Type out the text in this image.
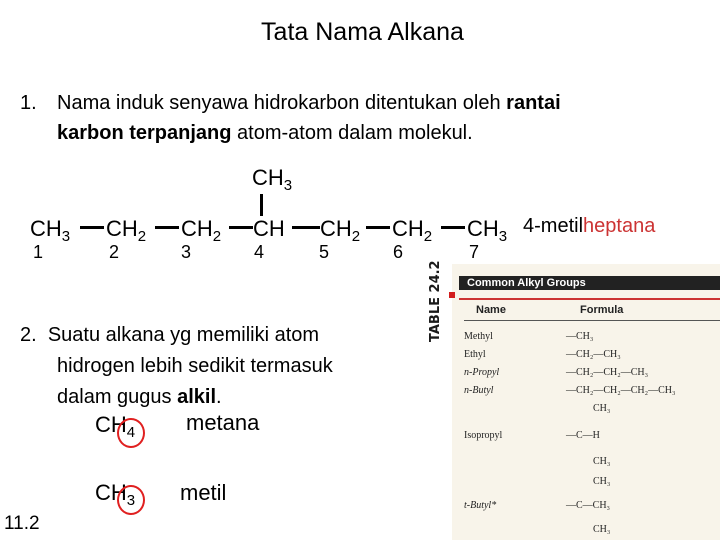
Tata Nama Alkana
1. Nama induk senyawa hidrokarbon ditentukan oleh rantai
karbon terpanjang atom-atom dalam molekul.
$CH_3$
$CH_3$ $CH_2$ $CH_2$ CH $CH_2$ $CH_2$ $CH_3$
1	2	3	4	5	6	7
4-metilheptana
2. Suatu alkana yg memiliki atom
hidrogen lebih sedikit termasuk
dalam gugus alkil.
$CH_4$ metana
$CH_3$ metil
11.2
TABLE 24.2	Common Alkyl Groups
Name	Formula
Methyl	—CH₃
Ethyl	—CH₂—CH₃
n-Propyl	—CH₂—CH₂—CH₃
n-Butyl	—CH₂—CH₂—CH₂—CH₃
CH₃
Isopropyl	—C—H
CH₃
CH₃
t-Butyl*	—C—CH₃
CH₃
